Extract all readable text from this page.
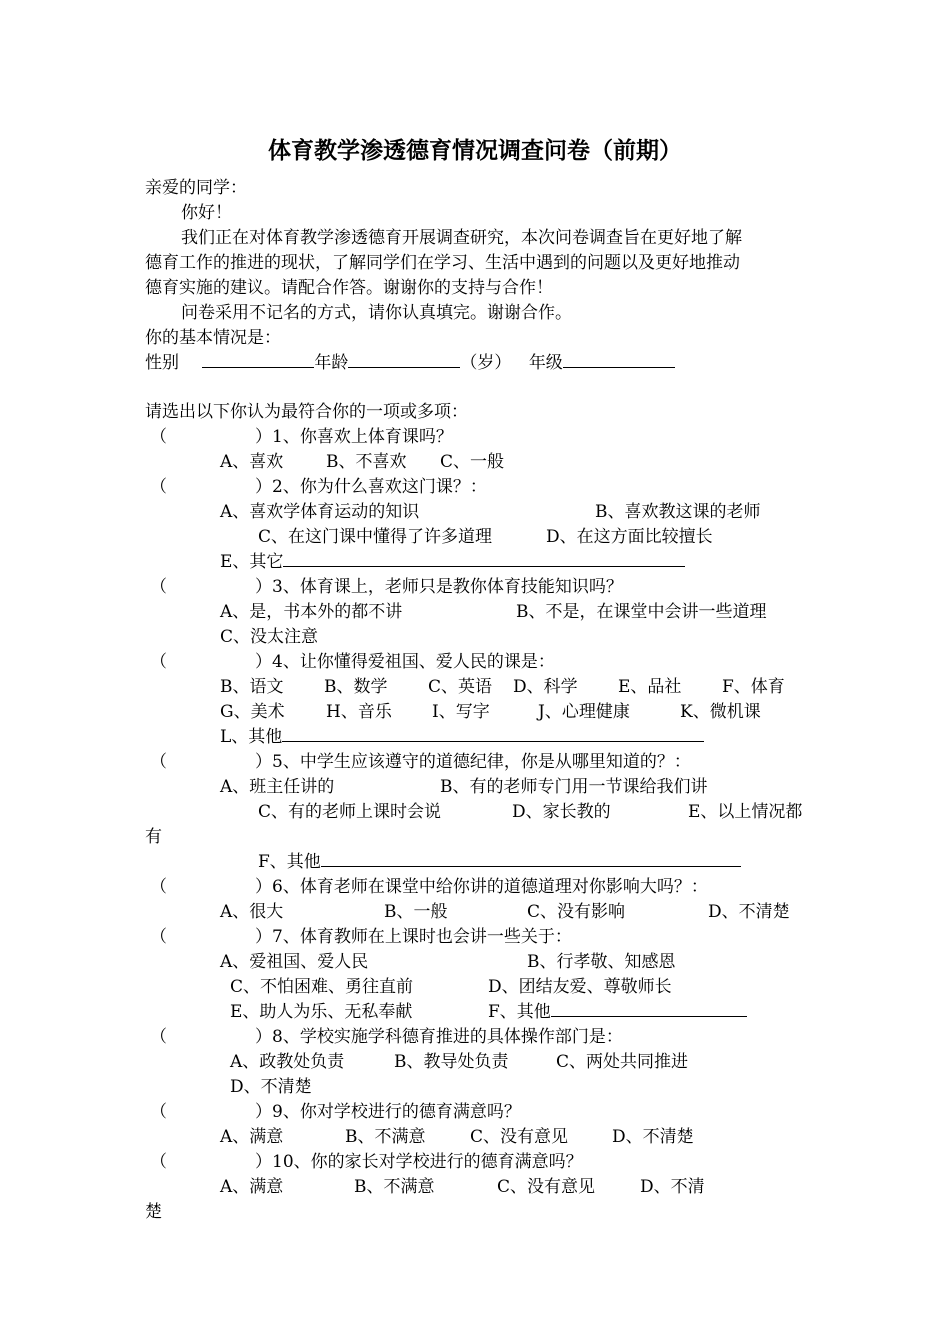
体育教学渗透德育情况调查问卷（前期）
亲爱的同学：
你好！
我们正在对体育教学渗透德育开展调查研究，本次问卷调查旨在更好地了解
德育工作的推进的现状，了解同学们在学习、生活中遇到的问题以及更好地推动
德育实施的建议。请配合作答。谢谢你的支持与合作！
问卷采用不记名的方式，请你认真填完。谢谢合作。
你的基本情况是：
性别	年龄	（岁） 年级
请选出以下你认为最符合你的一项或多项：
（	）1、你喜欢上体育课吗？
A、喜欢	B、不喜欢 C、一般
（	）2、你为什么喜欢这门课？：
A、喜欢学体育运动的知识	B、喜欢教这课的老师
C、在这门课中懂得了许多道理	D、在这方面比较擅长
E、其它
（	）3、体育课上，老师只是教你体育技能知识吗？
A、是，书本外的都不讲	B、不是，在课堂中会讲一些道理
C、没太注意
（	）4、让你懂得爱祖国、爱人民的课是：
B、语文 B、数学 C、英语 D、科学 E、品社 F、体育
G、美术 H、音乐 I、写字	J、心理健康	K、微机课
L、其他
（	）5、中学生应该遵守的道德纪律，你是从哪里知道的？：
A、班主任讲的	B、有的老师专门用一节课给我们讲
C、有的老师上课时会说	D、家长教的	E、以上情况都
有
F、其他
（	）6、体育老师在课堂中给你讲的道德道理对你影响大吗？：
A、很大	B、一般	C、没有影响	D、不清楚
（	）7、体育教师在上课时也会讲一些关于：
A、爱祖国、爱人民	B、行孝敬、知感恩
C、不怕困难、勇往直前	D、团结友爱、尊敬师长
E、助人为乐、无私奉献	F、其他
（	）8、学校实施学科德育推进的具体操作部门是：
A、政教处负责	B、教导处负责	C、两处共同推进
D、不清楚
（	）9、你对学校进行的德育满意吗？
A、满意	B、不满意	C、没有意见	D、不清楚
（	）10、你的家长对学校进行的德育满意吗？
A、满意	B、不满意	C、没有意见	D、不清
楚
